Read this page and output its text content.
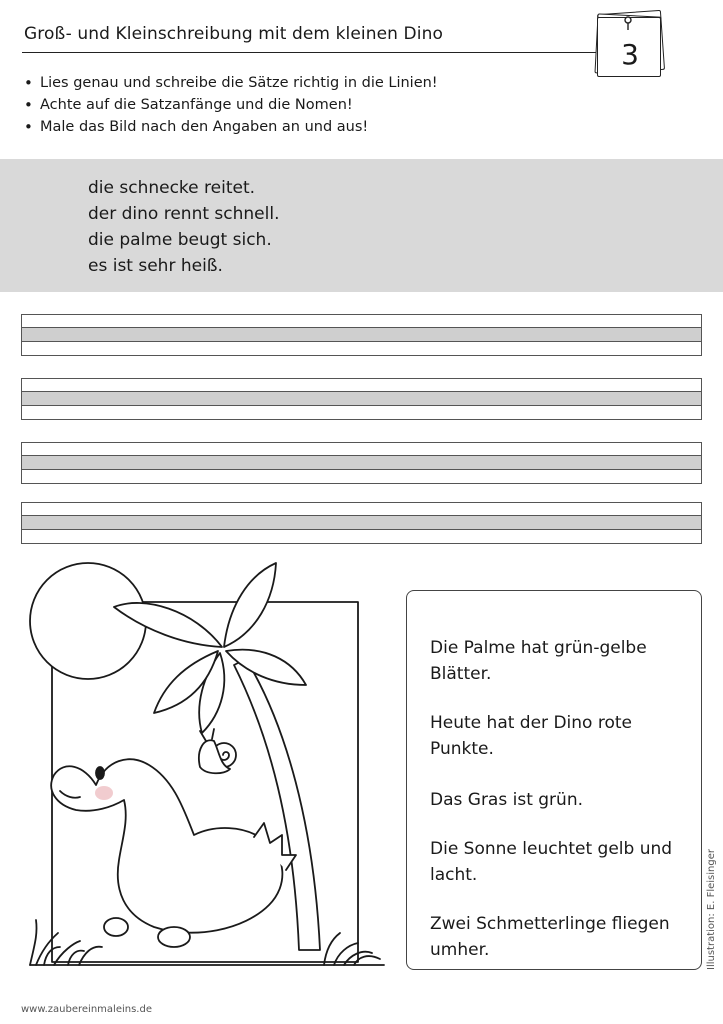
Groß- und Kleinschreibung mit dem kleinen Dino
3
• Lies genau und schreibe die Sätze richtig in die Linien!
• Achte auf die Satzanfänge und die Nomen!
• Male das Bild nach den Angaben an und aus!
die schnecke reitet.
der dino rennt schnell.
die palme beugt sich.
es ist sehr heiß.
Die Palme hat grün-gelbe Blätter.
Heute hat der Dino rote Punkte.
Das Gras ist grün.
Die Sonne leuchtet gelb und lacht.
Zwei Schmetterlinge fliegen umher.	Illustration: E. Fleisinger
www.zaubereinmaleins.de
